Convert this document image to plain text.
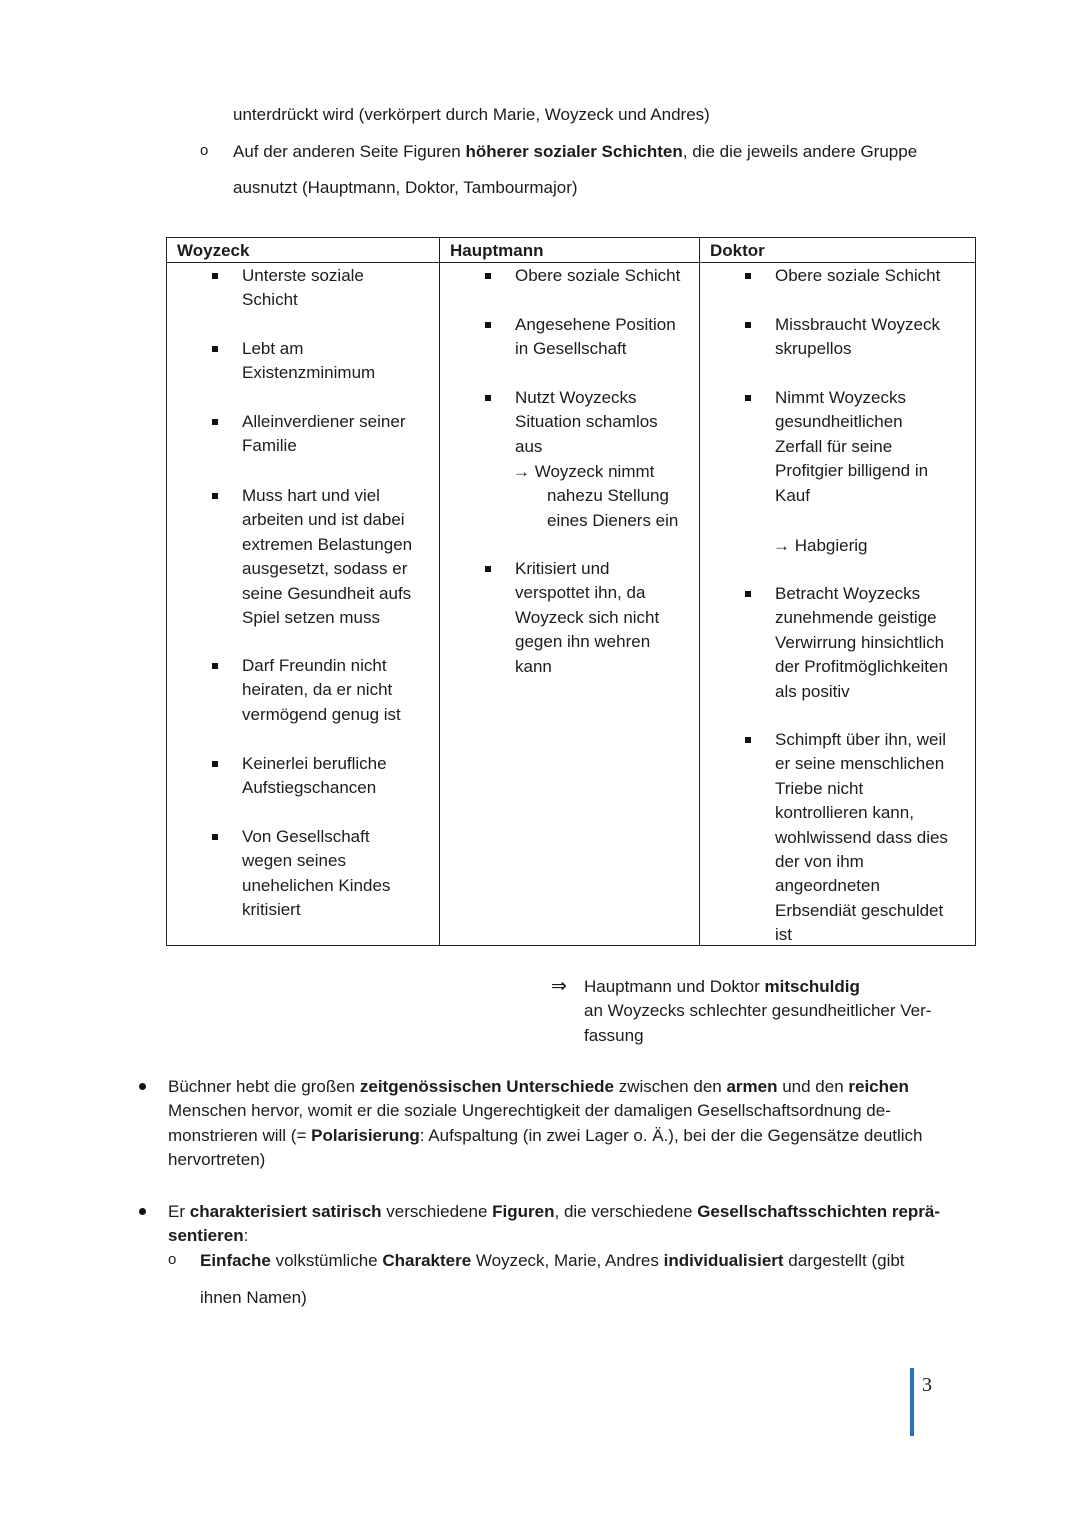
unterdrückt wird (verkörpert durch Marie, Woyzeck und Andres)
o Auf der anderen Seite Figuren höherer sozialer Schichten, die die jeweils andere Gruppe
ausnutzt (Hauptmann, Doktor, Tambourmajor)
Woyzeck	Hauptmann	Doktor
Unterste soziale
Schicht
Lebt am
Existenzminimum
Alleinverdiener seiner
Familie
Muss hart und viel
arbeiten und ist dabei
extremen Belastungen
ausgesetzt, sodass er
seine Gesundheit aufs
Spiel setzen muss
Darf Freundin nicht
heiraten, da er nicht
vermögend genug ist
Keinerlei berufliche
Aufstiegschancen
Von Gesellschaft
wegen seines
unehelichen Kindes
kritisiert
Obere soziale Schicht
Angesehene Position
in Gesellschaft
Nutzt Woyzecks
Situation schamlos
aus
Kritisiert und
verspottet ihn, da
Woyzeck sich nicht
gegen ihn wehren
kann
Obere soziale Schicht
Missbraucht Woyzeck
skrupellos
Nimmt Woyzecks
gesundheitlichen
Zerfall für seine
Profitgier billigend in
Kauf
Betracht Woyzecks
zunehmende geistige
Verwirrung hinsichtlich
der Profitmöglichkeiten
als positiv
Schimpft über ihn, weil
er seine menschlichen
Triebe nicht
kontrollieren kann,
wohlwissend dass dies
der von ihm
angeordneten
Erbsendiät geschuldet
ist
→ Woyzeck nimmt
nahezu Stellung
eines Dieners ein
→ Habgierig
⇒ Hauptmann und Doktor mitschuldig
an Woyzecks schlechter gesundheitlicher Ver-
fassung
Büchner hebt die großen zeitgenössischen Unterschiede zwischen den armen und den reichen
Menschen hervor, womit er die soziale Ungerechtigkeit der damaligen Gesellschaftsordnung de-
monstrieren will (= Polarisierung: Aufspaltung (in zwei Lager o. Ä.), bei der die Gegensätze deutlich
hervortreten)
Er charakterisiert satirisch verschiedene Figuren, die verschiedene Gesellschaftsschichten reprä-
sentieren:
o Einfache volkstümliche Charaktere Woyzeck, Marie, Andres individualisiert dargestellt (gibt
ihnen Namen)
3
